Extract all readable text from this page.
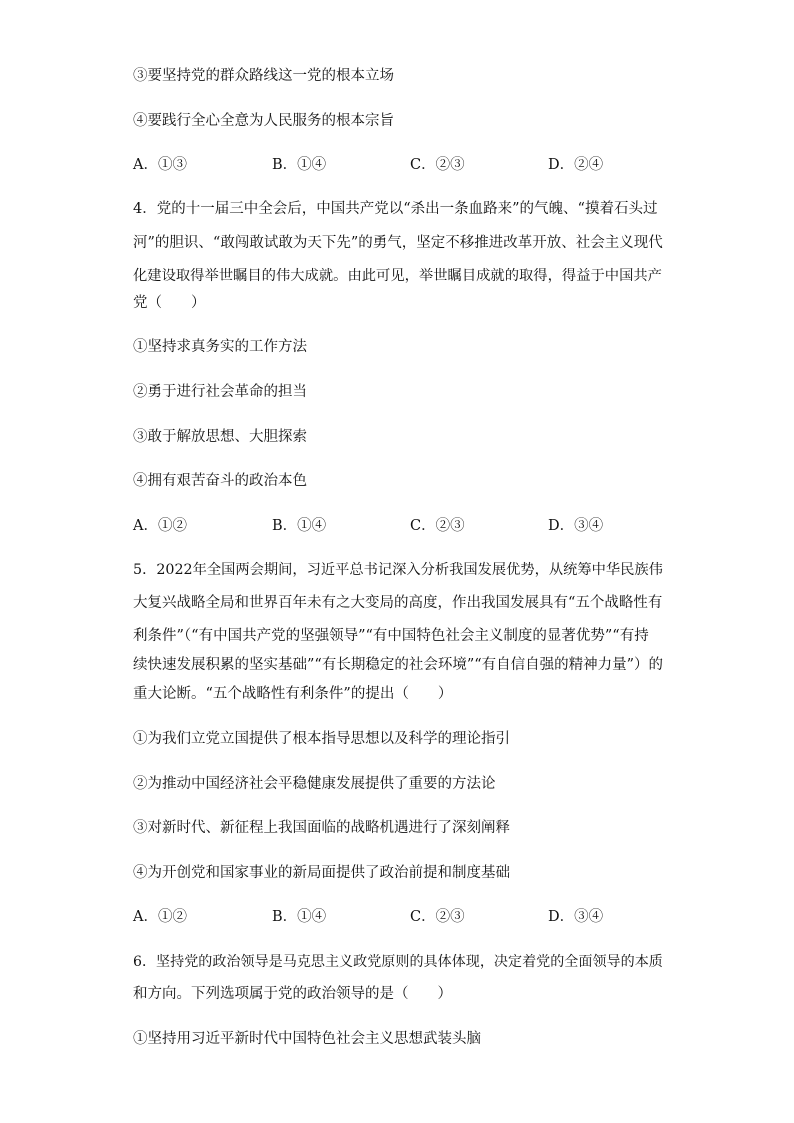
③要坚持党的群众路线这一党的根本立场
④要践行全心全意为人民服务的根本宗旨
A．①③	B．①④	C．②③	D．②④
4．党的十一届三中全会后，中国共产党以“杀出一条血路来”的气魄、“摸着石头过
河”的胆识、“敢闯敢试敢为天下先”的勇气，坚定不移推进改革开放、社会主义现代
化建设取得举世瞩目的伟大成就。由此可见，举世瞩目成就的取得，得益于中国共产
党（　　）
①坚持求真务实的工作方法
②勇于进行社会革命的担当
③敢于解放思想、大胆探索
④拥有艰苦奋斗的政治本色
A．①②	B．①④	C．②③	D．③④
5．2022年全国两会期间，习近平总书记深入分析我国发展优势，从统筹中华民族伟
大复兴战略全局和世界百年未有之大变局的高度，作出我国发展具有“五个战略性有
利条件”（“有中国共产党的坚强领导”“有中国特色社会主义制度的显著优势”“有持
续快速发展积累的坚实基础”“有长期稳定的社会环境”“有自信自强的精神力量”）的
重大论断。“五个战略性有利条件”的提出（　　）
①为我们立党立国提供了根本指导思想以及科学的理论指引
②为推动中国经济社会平稳健康发展提供了重要的方法论
③对新时代、新征程上我国面临的战略机遇进行了深刻阐释
④为开创党和国家事业的新局面提供了政治前提和制度基础
A．①②	B．①④	C．②③	D．③④
6．坚持党的政治领导是马克思主义政党原则的具体体现，决定着党的全面领导的本质
和方向。下列选项属于党的政治领导的是（　　）
①坚持用习近平新时代中国特色社会主义思想武装头脑
